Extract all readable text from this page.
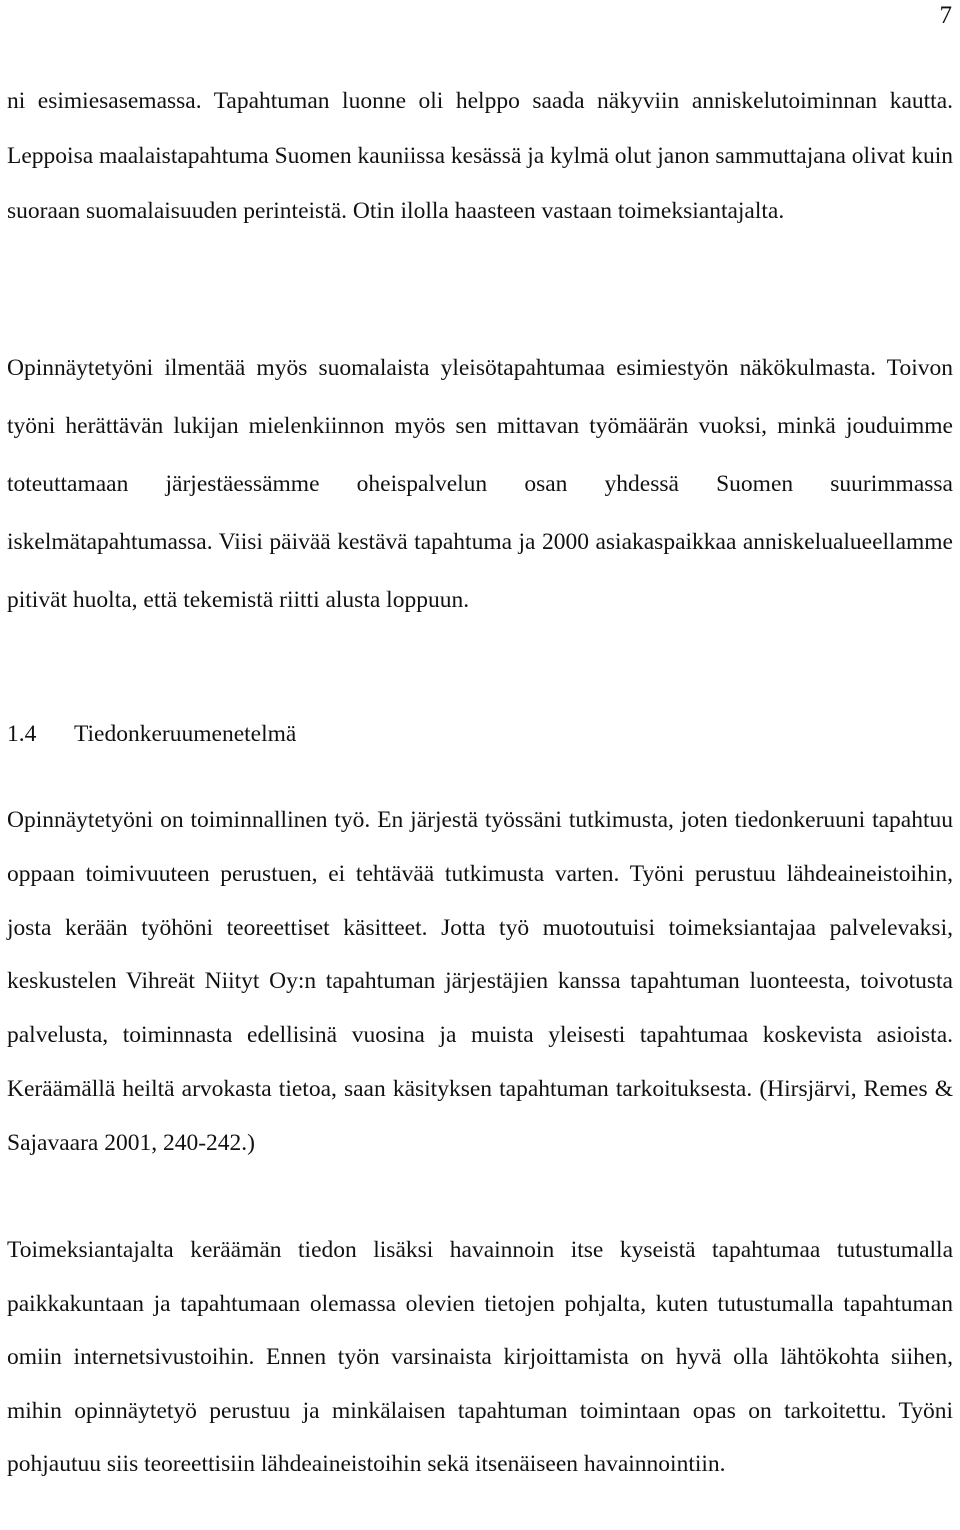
7

ni esimiesasemassa. Tapahtuman luonne oli helppo saada näkyviin anniskelutoiminnan kautta. Leppoisa maalaistapahtuma Suomen kauniissa kesässä ja kylmä olut janon sammuttajana olivat kuin suoraan suomalaisuuden perinteistä. Otin ilolla haasteen vastaan toimeksiantajalta.

Opinnäytetyöni ilmentää myös suomalaista yleisötapahtumaa esimiestyön näkökulmasta. Toivon työni herättävän lukijan mielenkiinnon myös sen mittavan työmäärän vuoksi, minkä jouduimme toteuttamaan järjestäessämme oheispalvelun osan yhdessä Suomen suurimmassa iskelmätapahtumassa. Viisi päivää kestävä tapahtuma ja 2000 asiakaspaikkaa anniskelualueellamme pitivät huolta, että tekemistä riitti alusta loppuun.

1.4 Tiedonkeruumenetelmä

Opinnäytetyöni on toiminnallinen työ. En järjestä työssäni tutkimusta, joten tiedonkeruuni tapahtuu oppaan toimivuuteen perustuen, ei tehtävää tutkimusta varten. Työni perustuu lähdeaineistoihin, josta kerään työhöni teoreettiset käsitteet. Jotta työ muotoutuisi toimeksiantajaa palvelevaksi, keskustelen Vihreät Niityt Oy:n tapahtuman järjestäjien kanssa tapahtuman luonteesta, toivotusta palvelusta, toiminnasta edellisinä vuosina ja muista yleisesti tapahtumaa koskevista asioista. Keräämällä heiltä arvokasta tietoa, saan käsityksen tapahtuman tarkoituksesta. (Hirsjärvi, Remes & Sajavaara 2001, 240-242.)

Toimeksiantajalta keräämän tiedon lisäksi havainnoin itse kyseistä tapahtumaa tutustumalla paikkakuntaan ja tapahtumaan olemassa olevien tietojen pohjalta, kuten tutustumalla tapahtuman omiin internetsivustoihin. Ennen työn varsinaista kirjoittamista on hyvä olla lähtökohta siihen, mihin opinnäytetyö perustuu ja minkälaisen tapahtuman toimintaan opas on tarkoitettu. Työni pohjautuu siis teoreettisiin lähdeaineistoihin sekä itsenäiseen havainnointiin.
